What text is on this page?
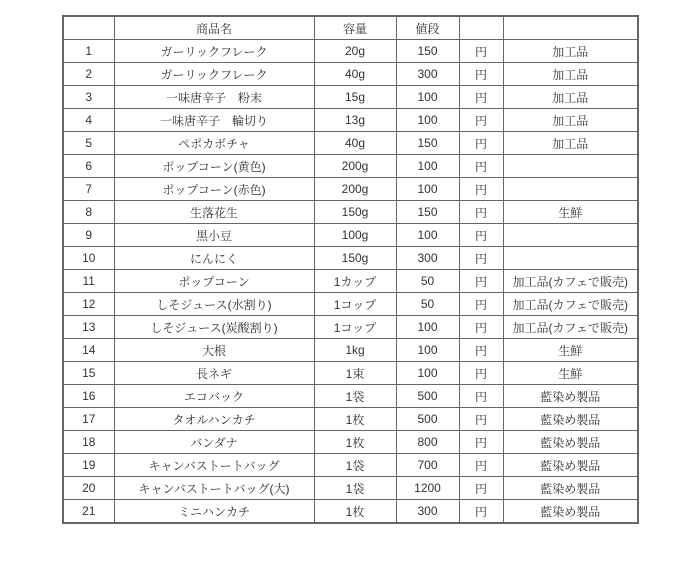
	商品名	容量	値段		
1	ガーリックフレーク	20g	150	円	加工品
2	ガーリックフレーク	40g	300	円	加工品
3	一味唐辛子　粉末	15g	100	円	加工品
4	一味唐辛子　輪切り	13g	100	円	加工品
5	ペポカボチャ	40g	150	円	加工品
6	ポップコーン(黄色)	200g	100	円	
7	ポップコーン(赤色)	200g	100	円	
8	生落花生	150g	150	円	生鮮
9	黒小豆	100g	100	円	
10	にんにく	150g	300	円	
11	ポップコーン	1カップ	50	円	加工品(カフェで販売)
12	しそジュース(水割り)	1コップ	50	円	加工品(カフェで販売)
13	しそジュース(炭酸割り)	1コップ	100	円	加工品(カフェで販売)
14	大根	1kg	100	円	生鮮
15	長ネギ	1束	100	円	生鮮
16	エコバック	1袋	500	円	藍染め製品
17	タオルハンカチ	1枚	500	円	藍染め製品
18	バンダナ	1枚	800	円	藍染め製品
19	キャンバストートバッグ	1袋	700	円	藍染め製品
20	キャンバストートバッグ(大)	1袋	1200	円	藍染め製品
21	ミニハンカチ	1枚	300	円	藍染め製品
